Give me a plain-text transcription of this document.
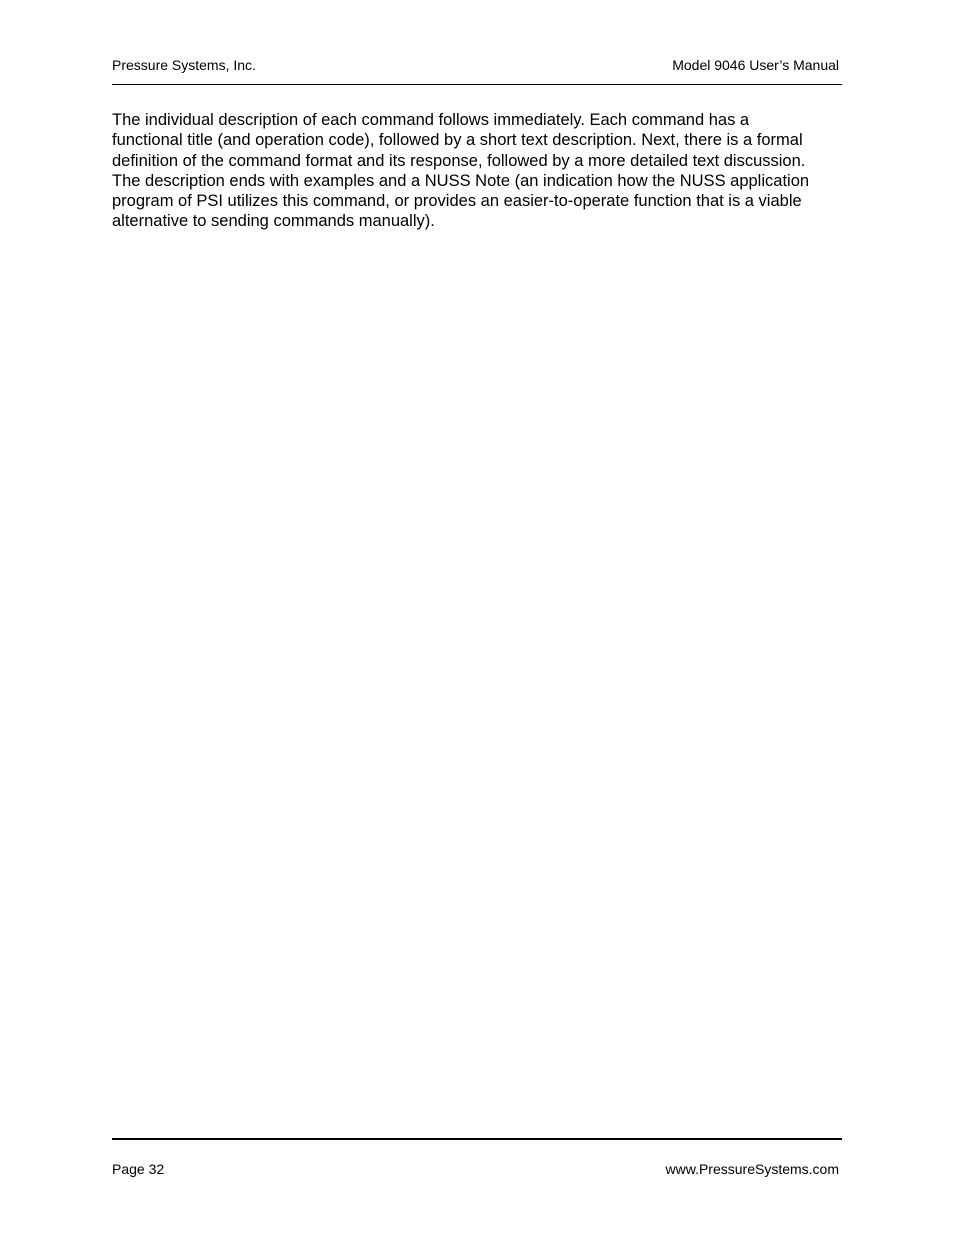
Pressure Systems, Inc.	Model 9046 User’s Manual

The individual description of each command follows immediately. Each command has a
functional title (and operation code), followed by a short text description. Next, there is a formal
definition of the command format and its response, followed by a more detailed text discussion.
The description ends with examples and a NUSS Note (an indication how the NUSS application
program of PSI utilizes this command, or provides an easier-to-operate function that is a viable
alternative to sending commands manually).

Page 32	www.PressureSystems.com
